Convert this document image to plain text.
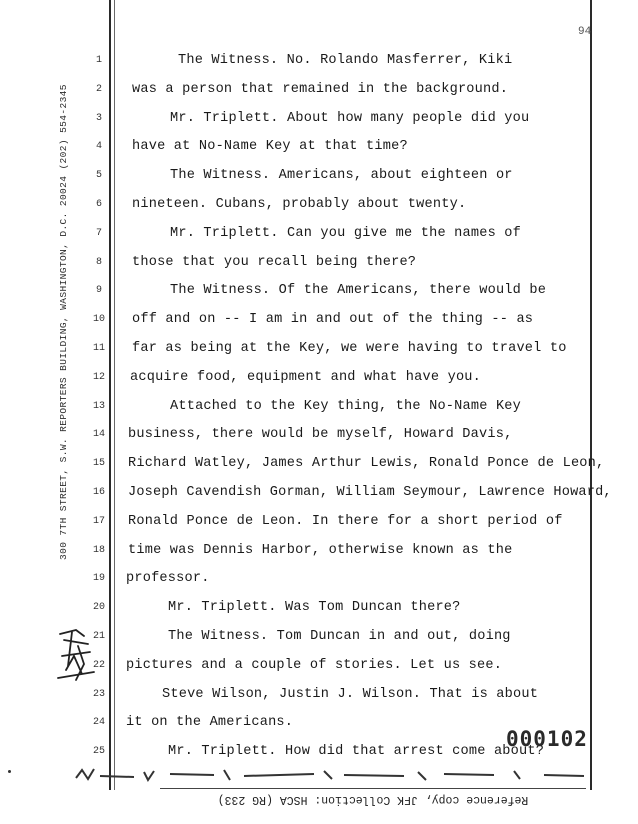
94
300 7TH STREET, S.W. REPORTERS BUILDING, WASHINGTON, D.C. 20024 (202) 554-2345
1
2
3
4
5
6
7
8
9
10
11
12
13
14
15
16
17
18
19
20
21
22
23
24
25
The Witness. No. Rolando Masferrer, Kiki
was a person that remained in the background.
Mr. Triplett. About how many people did you
have at No-Name Key at that time?
The Witness. Americans, about eighteen or
nineteen. Cubans, probably about twenty.
Mr. Triplett. Can you give me the names of
those that you recall being there?
The Witness. Of the Americans, there would be
off and on -- I am in and out of the thing -- as
far as being at the Key, we were having to travel to
acquire food, equipment and what have you.
Attached to the Key thing, the No-Name Key
business, there would be myself, Howard Davis,
Richard Watley, James Arthur Lewis, Ronald Ponce de Leon,
Joseph Cavendish Gorman, William Seymour, Lawrence Howard,
Ronald Ponce de Leon. In there for a short period of
time was Dennis Harbor, otherwise known as the
professor.
Mr. Triplett. Was Tom Duncan there?
The Witness. Tom Duncan in and out, doing
pictures and a couple of stories. Let us see.
Steve Wilson, Justin J. Wilson. That is about
it on the Americans.
Mr. Triplett. How did that arrest come about?
000102
Reference copy, JFK Collection: HSCA (RG 233)
